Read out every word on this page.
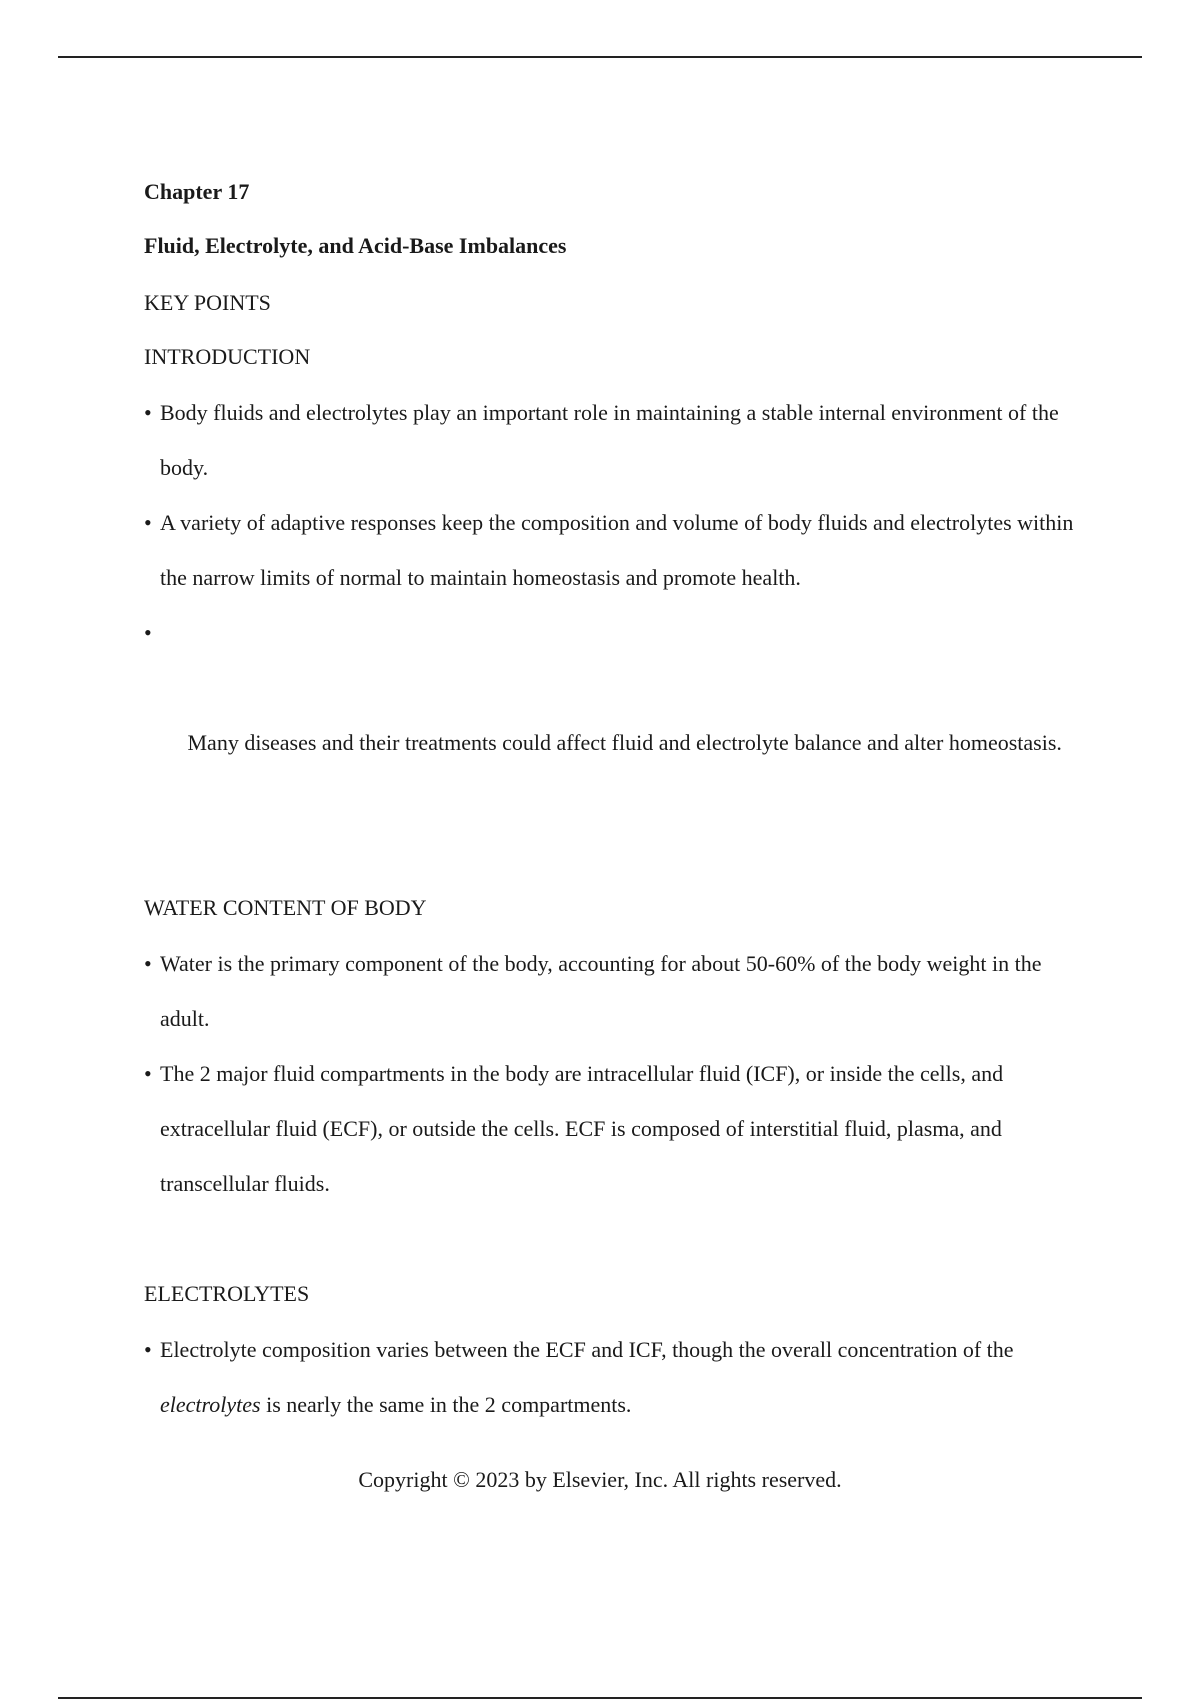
Chapter 17

Fluid, Electrolyte, and Acid-Base Imbalances

KEY POINTS

INTRODUCTION

• Body fluids and electrolytes play an important role in maintaining a stable internal environment of the body.
• A variety of adaptive responses keep the composition and volume of body fluids and electrolytes within the narrow limits of normal to maintain homeostasis and promote health.

•

Many diseases and their treatments could affect fluid and electrolyte balance and alter homeostasis.

WATER CONTENT OF BODY

• Water is the primary component of the body, accounting for about 50-60% of the body weight in the adult.
• The 2 major fluid compartments in the body are intracellular fluid (ICF), or inside the cells, and extracellular fluid (ECF), or outside the cells. ECF is composed of interstitial fluid, plasma, and transcellular fluids.

ELECTROLYTES

• Electrolyte composition varies between the ECF and ICF, though the overall concentration of the electrolytes is nearly the same in the 2 compartments.
Copyright © 2023 by Elsevier, Inc. All rights reserved.
